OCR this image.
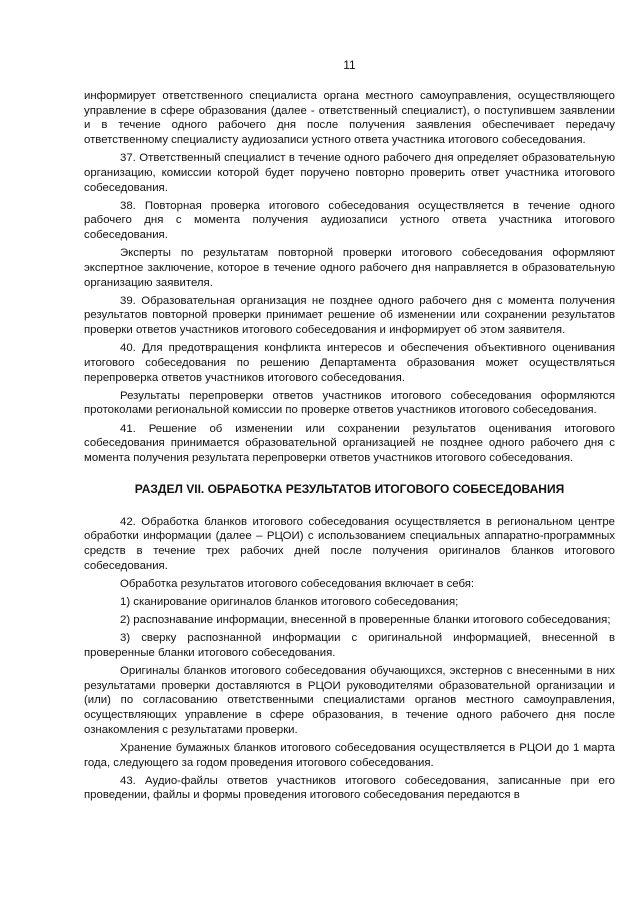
11

информирует ответственного специалиста органа местного самоуправления, осуществляющего управление в сфере образования (далее - ответственный специалист), о поступившем заявлении и в течение одного рабочего дня после получения заявления обеспечивает передачу ответственному специалисту аудиозаписи устного ответа участника итогового собеседования.

37. Ответственный специалист в течение одного рабочего дня определяет образовательную организацию, комиссии которой будет поручено повторно проверить ответ участника итогового собеседования.

38. Повторная проверка итогового собеседования осуществляется в течение одного рабочего дня с момента получения аудиозаписи устного ответа участника итогового собеседования.

Эксперты по результатам повторной проверки итогового собеседования оформляют экспертное заключение, которое в течение одного рабочего дня направляется в образовательную организацию заявителя.

39. Образовательная организация не позднее одного рабочего дня с момента получения результатов повторной проверки принимает решение об изменении или сохранении результатов проверки ответов участников итогового собеседования и информирует об этом заявителя.

40. Для предотвращения конфликта интересов и обеспечения объективного оценивания итогового собеседования по решению Департамента образования может осуществляться перепроверка ответов участников итогового собеседования.

Результаты перепроверки ответов участников итогового собеседования оформляются протоколами региональной комиссии по проверке ответов участников итогового собеседования.

41. Решение об изменении или сохранении результатов оценивания итогового собеседования принимается образовательной организацией не позднее одного рабочего дня с момента получения результата перепроверки ответов участников итогового собеседования.

РАЗДЕЛ VII. ОБРАБОТКА РЕЗУЛЬТАТОВ ИТОГОВОГО СОБЕСЕДОВАНИЯ

42. Обработка бланков итогового собеседования осуществляется в региональном центре обработки информации (далее – РЦОИ) с использованием специальных аппаратно-программных средств в течение трех рабочих дней после получения оригиналов бланков итогового собеседования.

Обработка результатов итогового собеседования включает в себя:

1) сканирование оригиналов бланков итогового собеседования;

2) распознавание информации, внесенной в проверенные бланки итогового собеседования;

3) сверку распознанной информации с оригинальной информацией, внесенной в проверенные бланки итогового собеседования.

Оригиналы бланков итогового собеседования обучающихся, экстернов с внесенными в них результатами проверки доставляются в РЦОИ руководителями образовательной организации и (или) по согласованию ответственными специалистами органов местного самоуправления, осуществляющих управление в сфере образования, в течение одного рабочего дня после ознакомления с результатами проверки.

Хранение бумажных бланков итогового собеседования осуществляется в РЦОИ до 1 марта года, следующего за годом проведения итогового собеседования.

43. Аудио-файлы ответов участников итогового собеседования, записанные при его проведении, файлы и формы проведения итогового собеседования передаются в
